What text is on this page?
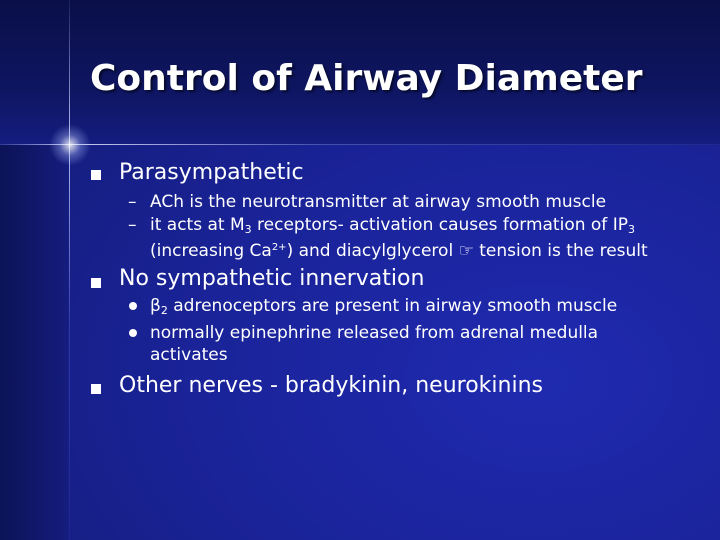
Control of Airway Diameter
Parasympathetic
– ACh is the neurotransmitter at airway smooth muscle
– it acts at $M_3$ receptors- activation causes formation of $IP_3$
(increasing $Ca^{2+}$) and diacylglycerol ☞ tension is the result
No sympathetic innervation
$\beta_2$ adrenoceptors are present in airway smooth muscle
normally epinephrine released from adrenal medulla
activates
Other nerves - bradykinin, neurokinins
